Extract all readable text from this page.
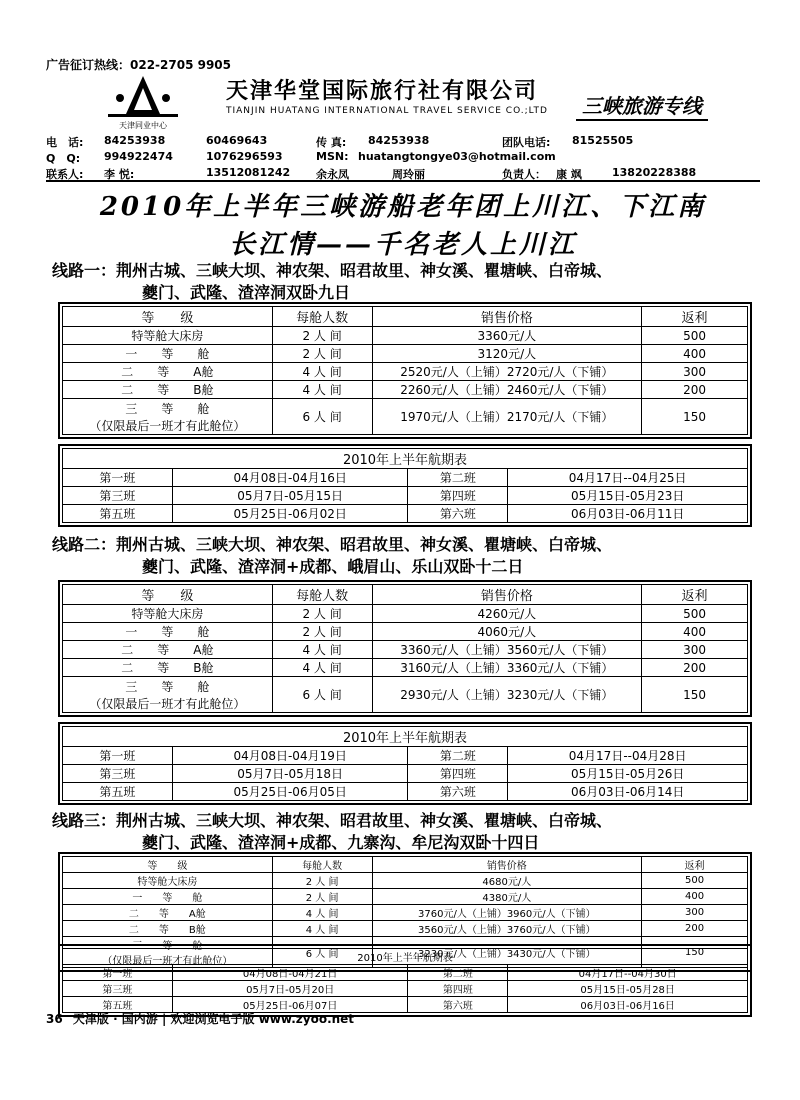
广告征订热线：022-2705 9905
天津同业中心
天津华堂国际旅行社有限公司
TIANJIN HUATANG INTERNATIONAL TRAVEL SERVICE CO.;LTD	三峡旅游专线
电　话: 84253938	60469643	传 真: 84253938	团队电话: 81525505
Q　Q: 994922474	1076296593	MSN: huatangtongye03@hotmail.com
联系人: 李 悦:	13512081242 余永凤	周玲丽	负责人： 康 飒	13820228388
2010年上半年三峡游船老年团上川江、下江南
长江情——千名老人上川江
线路一：荆州古城、三峡大坝、神农架、昭君故里、神女溪、瞿塘峡、白帝城、
夔门、武隆、渣滓洞双卧九日
等　　级	每舱人数	销售价格	返利
特等舱大床房	2 人 间	3360元/人	500
一　　等　　舱	2 人 间	3120元/人	400
二　　等　　A舱	4 人 间	2520元/人（上铺）2720元/人（下铺）	300
二　　等　　B舱	4 人 间	2260元/人（上铺）2460元/人（下铺）	200

三　　等　　舱
（仅限最后一班才有此舱位）	6 人 间	1970元/人（上铺）2170元/人（下铺）	150
2010年上半年航期表			
第一班	04月08日-04月16日	第二班	04月17日--04月25日
第三班	05月7日-05月15日	第四班	05月15日-05月23日
第五班	05月25日-06月02日	第六班	06月03日-06月11日
线路二：荆州古城、三峡大坝、神农架、昭君故里、神女溪、瞿塘峡、白帝城、
夔门、武隆、渣滓洞+成都、峨眉山、乐山双卧十二日
等　　级	每舱人数	销售价格	返利
特等舱大床房	2 人 间	4260元/人	500
一　　等　　舱	2 人 间	4060元/人	400
二　　等　　A舱	4 人 间	3360元/人（上铺）3560元/人（下铺）	300
二　　等　　B舱	4 人 间	3160元/人（上铺）3360元/人（下铺）	200

三　　等　　舱
（仅限最后一班才有此舱位）	6 人 间	2930元/人（上铺）3230元/人（下铺）	150
2010年上半年航期表			
第一班	04月08日-04月19日	第二班	04月17日--04月28日
第三班	05月7日-05月18日	第四班	05月15日-05月26日
第五班	05月25日-06月05日	第六班	06月03日-06月14日
线路三：荆州古城、三峡大坝、神农架、昭君故里、神女溪、瞿塘峡、白帝城、
夔门、武隆、渣滓洞+成都、九寨沟、牟尼沟双卧十四日
等　　级	每舱人数	销售价格	返利
特等舱大床房	2 人 间	4680元/人	500
一　　等　　舱	2 人 间	4380元/人	400
二　　等　　A舱	4 人 间	3760元/人（上铺）3960元/人（下铺）	300
二　　等　　B舱	4 人 间	3560元/人（上铺）3760元/人（下铺）	200

三　　等　　舱
（仅限最后一班才有此舱位）	6 人 间	3230元/人（上铺）3430元/人（下铺）	150
2010年上半年航期表			
第一班	04月08日-04月21日	第二班	04月17日--04月30日
第三班	05月7日-05月20日	第四班	05月15日-05月28日
第五班	05月25日-06月07日	第六班	06月03日-06月16日
36 天津版 · 国内游 | 欢迎浏览电子版 www.zyoo.net
